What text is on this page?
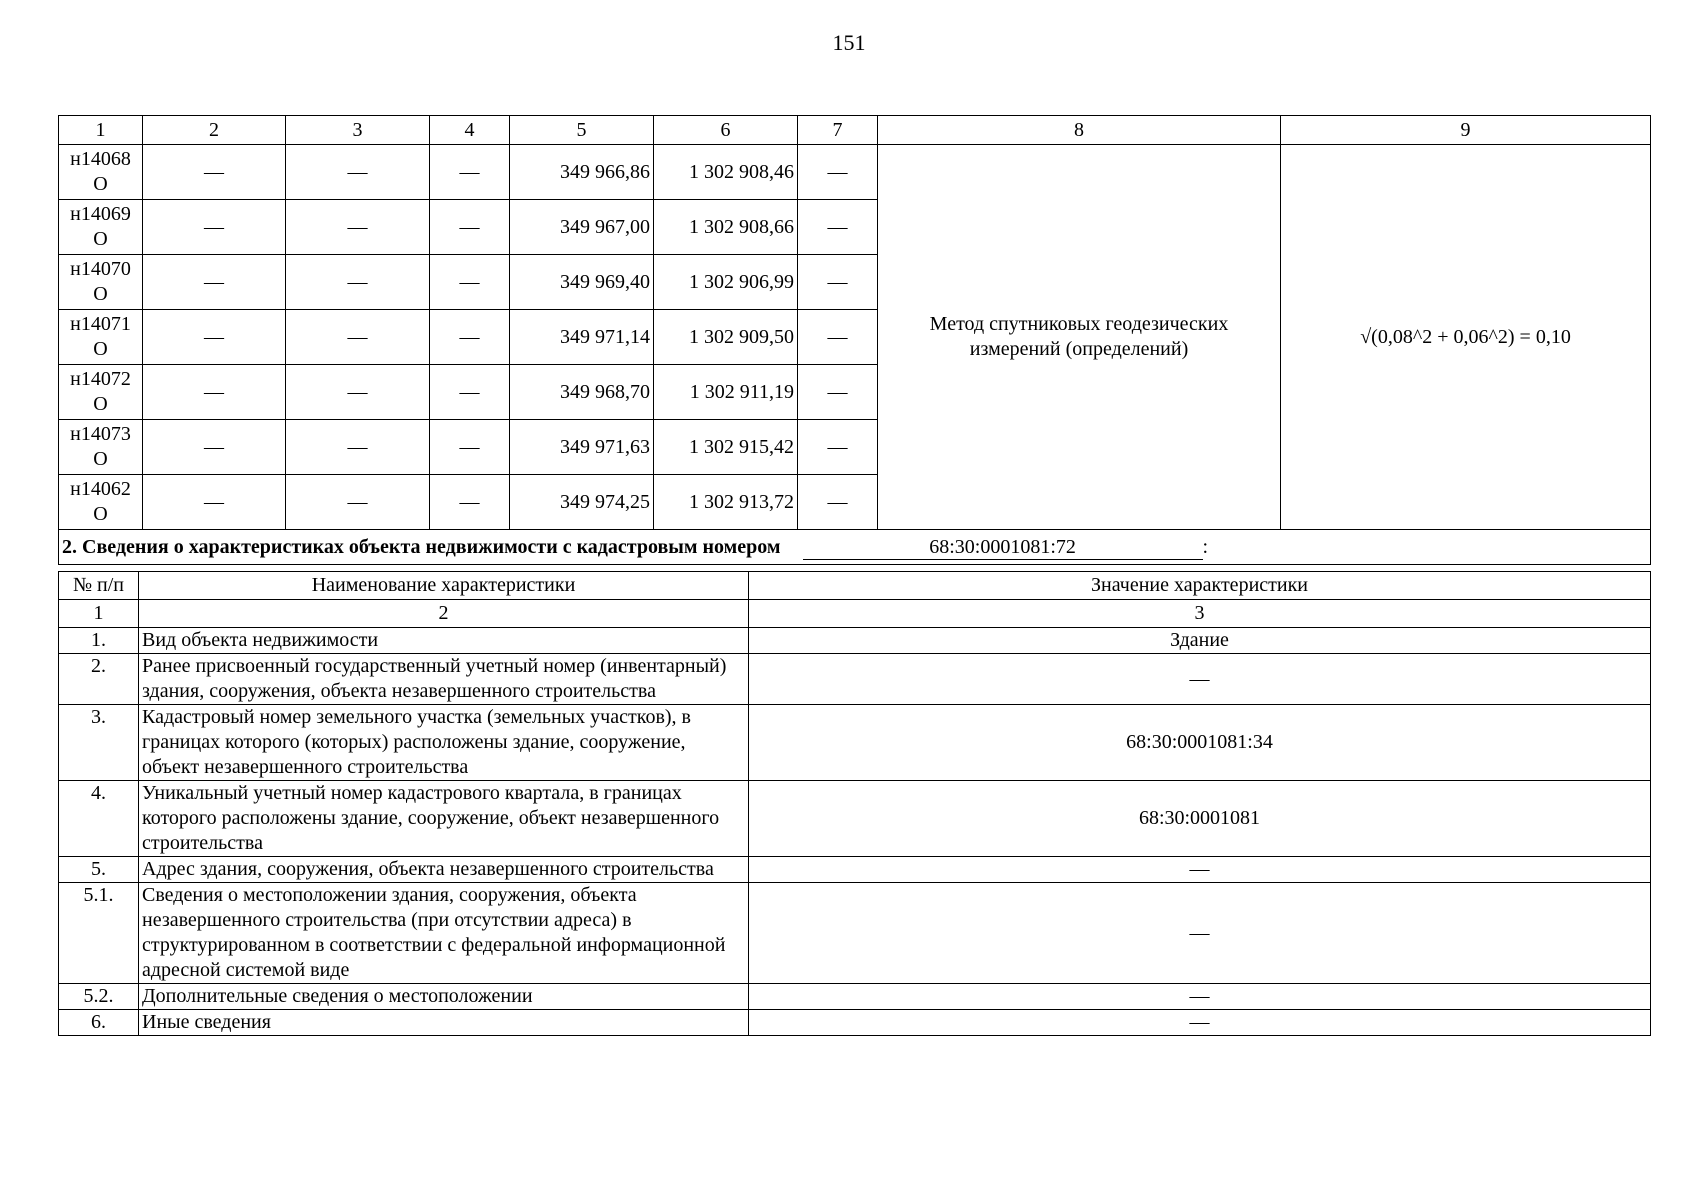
151
1	2	3	4	5	6	7	8	9
н14068
О	—	—	—	349 966,86	1 302 908,46	—	Метод спутниковых геодезических измерений (определений)	√(0,08^2 + 0,06^2) = 0,10
н14069
О	—	—	—	349 967,00	1 302 908,66	—		
н14070
О	—	—	—	349 969,40	1 302 906,99	—		
н14071
О	—	—	—	349 971,14	1 302 909,50	—		
н14072
О	—	—	—	349 968,70	1 302 911,19	—		
н14073
О	—	—	—	349 971,63	1 302 915,42	—		
н14062
О	—	—	—	349 974,25	1 302 913,72	—		
2. Сведения о характеристиках объекта недвижимости с кадастровым номером 68:30:0001081:72 :								
№ п/п	Наименование характеристики	Значение характеристики
1	2	3
1.	Вид объекта недвижимости	Здание
2.	Ранее присвоенный государственный учетный номер (инвентарный) здания, сооружения, объекта незавершенного строительства	—
3.	Кадастровый номер земельного участка (земельных участков), в границах которого (которых) расположены здание, сооружение, объект незавершенного строительства	68:30:0001081:34
4.	Уникальный учетный номер кадастрового квартала, в границах которого расположены здание, сооружение, объект незавершенного строительства	68:30:0001081
5.	Адрес здания, сооружения, объекта незавершенного строительства	—
5.1.	Сведения о местоположении здания, сооружения, объекта незавершенного строительства (при отсутствии адреса) в структурированном в соответствии с федеральной информационной адресной системой виде	—
5.2.	Дополнительные сведения о местоположении	—
6.	Иные сведения	—
